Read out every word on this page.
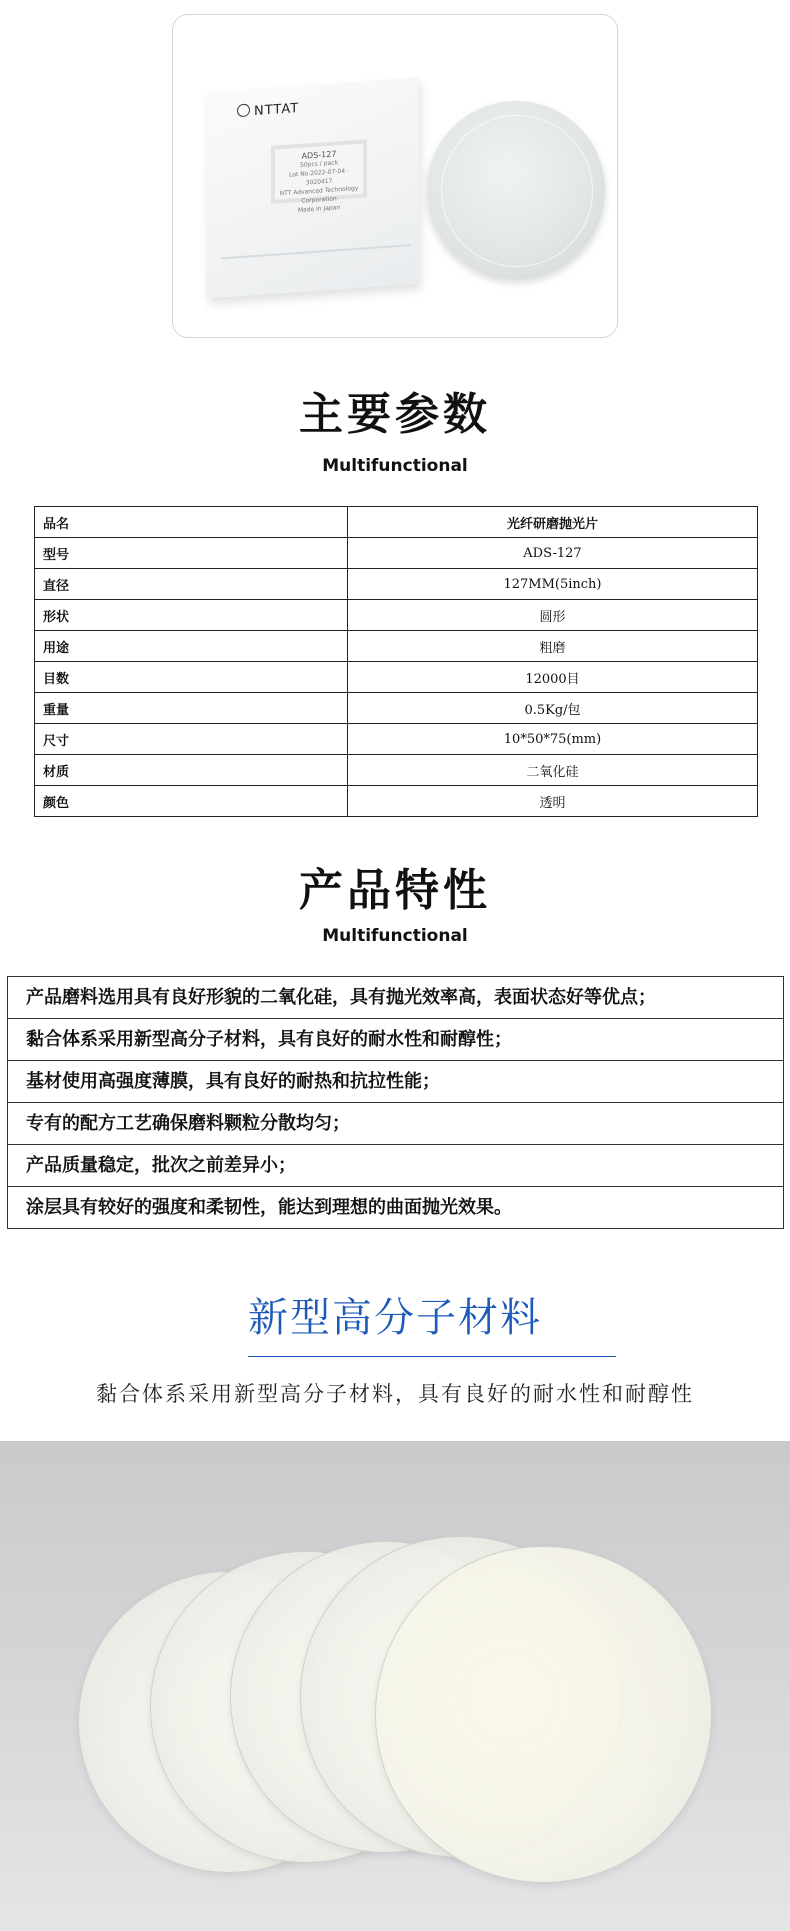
NTTAT
ADS-127
50pcs / pack
Lot No.2022-07-04 · 3020417
NTT Advanced Technology Corporation
Made in Japan
主要参数
Multifunctional
品名	光纤研磨抛光片
型号	ADS-127
直径	127MM(5inch)
形状	圆形
用途	粗磨
目数	12000目
重量	0.5Kg/包
尺寸	10*50*75(mm)
材质	二氧化硅
颜色	透明
产品特性
Multifunctional
产品磨料选用具有良好形貌的二氧化硅，具有抛光效率高，表面状态好等优点；
黏合体系采用新型高分子材料，具有良好的耐水性和耐醇性；
基材使用高强度薄膜，具有良好的耐热和抗拉性能；
专有的配方工艺确保磨料颗粒分散均匀；
产品质量稳定，批次之前差异小；
涂层具有较好的强度和柔韧性，能达到理想的曲面抛光效果。
新型高分子材料
黏合体系采用新型高分子材料，具有良好的耐水性和耐醇性
